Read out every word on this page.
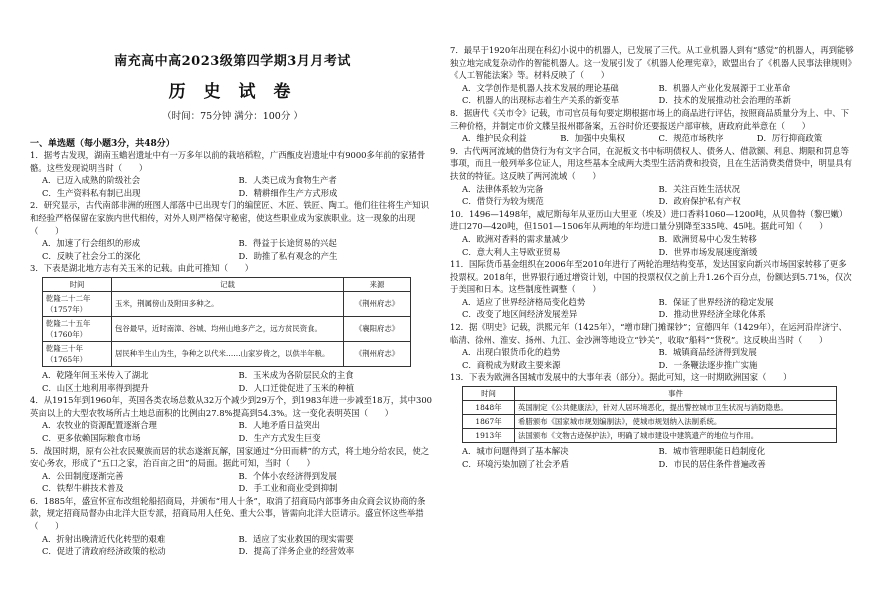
南充高中高2023级第四学期3月月考试
历 史 试 卷
（时间：75分钟 满分：100分 ）
一、单选题（每小题3分，共48分）

1．据考古发现，湖南玉蟾岩遗址中有一万多年以前的栽培稻粒，广西甑皮岩遗址中有9000多年前的家猪骨骼。这些发现说明当时（　　）

A．已迈入成熟的阶级社会	B．人类已成为食物生产者
C．生产资料私有制已出现	D．精耕细作生产方式形成

2．研究显示，古代南部非洲的班图人部落中已出现专门的编筐匠、木匠、铁匠、陶工。他们往往将生产知识和经验严格保留在家族内世代相传，对外人则严格保守秘密，使这些职业成为家族职业。这一现象的出现（　　）

A．加速了行会组织的形成	B．得益于长途贸易的兴起
C．反映了社会分工的深化	D．助推了私有观念的产生

3．下表是湖北地方志有关玉米的记载。由此可推知（　　）

时间	记载	来源
乾隆二十二年（1757年）	玉米，荆属傍山及附田多种之。	《荆州府志》
乾隆二十五年（1760年）	包谷最早，近时南漳、谷城、均州山地多产之，远方贫民资食。	《襄阳府志》
乾隆三十年（1765年）	居民种半生山为生，争种之以代米……山家岁倚之，以供半年粮。	《荆州府志》
A．乾隆年间玉米传入了湖北	B．玉米成为各阶层民众的主食
C．山区土地利用率得到提升	D．人口迁徙促进了玉米的种植

4．从1915年到1960年，英国各类农场总数从32万个减少到29万个，到1983年进一步减至18万，其中300英亩以上的大型农牧场所占土地总面积的比例由27.8%提高到54.3%。这一变化表明英国（　　）

A．农牧业的资源配置逐渐合理	B．人地矛盾日益突出
C．更多依赖国际粮食市场	D．生产方式发生巨变

5．战国时期，原有公社农民聚族而居的状态遂渐瓦解，国家通过“分田而耕”的方式，将土地分给农民，使之安心务农，形成了“五口之家，治百亩之田”的局面。据此可知，当时（　　）

A．公田制度逐渐完善	B．个体小农经济得到发展
C．铁犁牛耕技术普及	D．手工业和商业受到抑制

6．1885年，盛宣怀宣布改组轮船招商局，并颁布“用人十条”，取消了招商局内部事务由众商会议协商的条款，规定招商局督办由北洋大臣专派，招商局用人任免、重大公事，皆需向北洋大臣请示。盛宣怀这些举措（　　）

A．折射出晚清近代化转型的艰难	B．适应了实业救国的现实需要
C．促进了清政府经济政策的松动	D．提高了洋务企业的经营效率

7．最早于1920年出现在科幻小说中的机器人，已发展了三代。从工业机器人到有“感觉”的机器人，再到能够独立地完成复杂动作的智能机器人。这一发展引发了《机器人伦理宪章》，欧盟出台了《机器人民事法律规则》《人工智能法案》等。材料反映了（　　）

A．文学创作是机器人技术发展的理论基础	B．机器人产业化发展源于工业革命
C．机器人的出现标志着生产关系的新变革	D．技术的发展推动社会治理的革新

8．据唐代《关市令》记载，市司官员每旬要定期根据市场上的商品进行评估，按照商品质量分为上、中、下三种价格，并制定市价文牒呈报州郡备案，五谷时价还要报送户部审核，唐政府此举意在（　　）

A．维护民众利益	B．加强中央集权	C．规范市场秩序	D．厉行抑商政策

9．古代两河流域的借贷行为有文字合同，在泥板文书中标明债权人、债务人、借款额、利息、期限和罚息等事项，而且一般列举多位证人，用这些基本全成两大类型生活消费和投资，且在生活消费类借贷中，明显具有扶贫的特征。这反映了两河流域（　　）

A．法律体系较为完备	B．关注百姓生活状况
C．借贷行为较为规范	D．政府保护私有产权

10．1496—1498年，威尼斯每年从亚历山大里亚（埃及）进口香料1060—1200吨，从贝鲁特（黎巴嫩）进口270—420吨，但1501—1506年从两地的年均进口量分别降至335吨、45吨。据此可知（　　）

A．欧洲对香料的需求量减少	B．欧洲贸易中心发生转移
C．意大利人主导欧亚贸易	D．世界市场发展速度渐缓

11．国际货币基金组织在2006年至2010年进行了两轮治理结构变革，发达国家向新兴市场国家转移了更多投票权。2018年，世界银行通过增资计划，中国的投票权仅之前上升1.26个百分点，份额达到5.71%，仅次于美国和日本。这些制度性调整（　　）

A．适应了世界经济格局变化趋势	B．保证了世界经济的稳定发展
C．改变了地区间经济发展差异	D．推动世界经济全球化体系

12．据《明史》记载，洪熙元年（1425年），“增市肆门摊课钞”；宣德四年（1429年），在运河沿岸济宁、临清、徐州、淮安、扬州、九江、金沙洲等地设立“钞关”，收取“船料”“货税”。这反映出当时（　　）

A．出现白银货币化的趋势	B．城镇商品经济得到发展
C．商税成为财政主要来源	D．一条鞭法逐步推广实施

13．下表为欧洲各国城市发展中的大事年表（部分）。据此可知，这一时期欧洲国家（　　）

时间	事件
1848年	英国制定《公共健康法》，针对人居环境恶化，提出警控城市卫生状况与消防隐患。
1867年	希腊颁布《国家城市规划编制法》，使城市规划纳入法制系统。
1913年	法国颁布《文物古迹保护法》，明确了城市建设中建筑遗产的地位与作用。
A．城市问题得到了基本解决	B．城市管理职能日趋制度化
C．环境污染加剧了社会矛盾	D．市民的居住条件普遍改善
